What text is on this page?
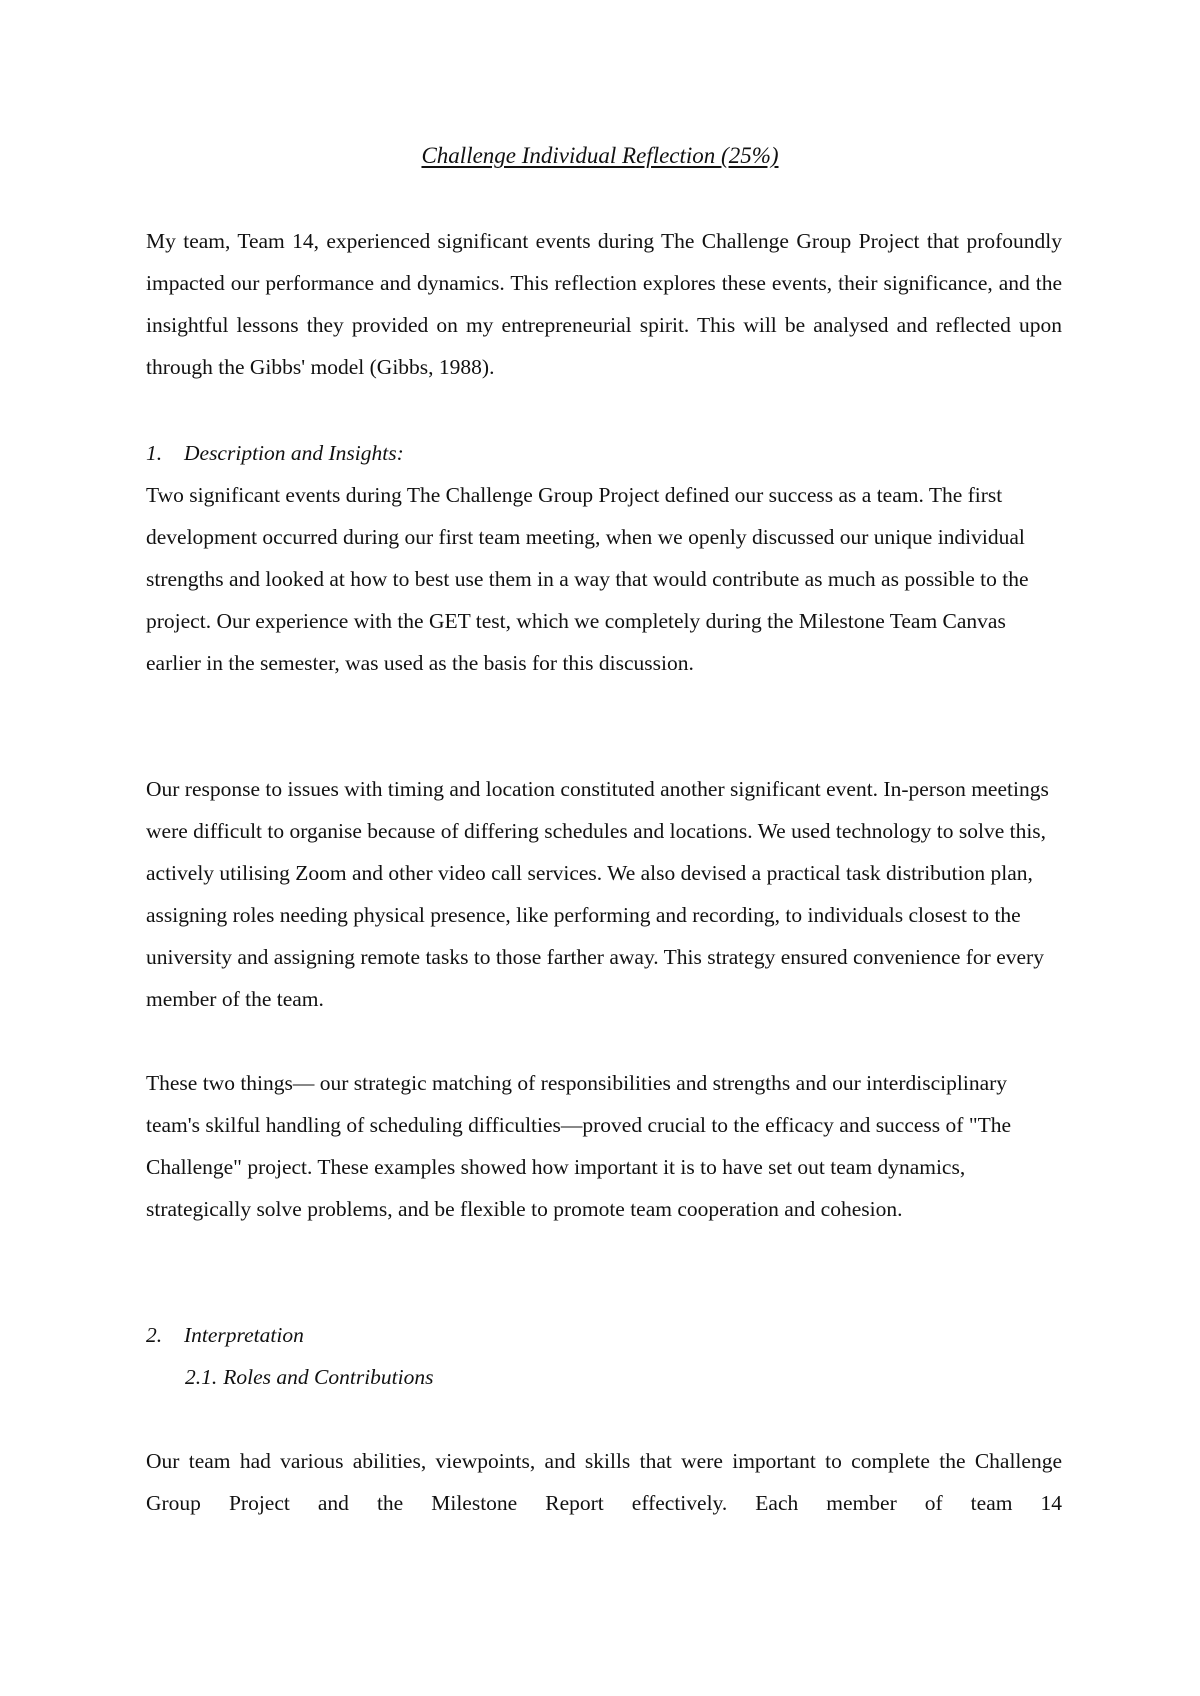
Challenge Individual Reflection (25%)

My team, Team 14, experienced significant events during The Challenge Group Project that profoundly impacted our performance and dynamics. This reflection explores these events, their significance, and the insightful lessons they provided on my entrepreneurial spirit. This will be analysed and reflected upon through the Gibbs' model (Gibbs, 1988).

1. Description and Insights:

Two significant events during The Challenge Group Project defined our success as a team. The first development occurred during our first team meeting, when we openly discussed our unique individual strengths and looked at how to best use them in a way that would contribute as much as possible to the project. Our experience with the GET test, which we completely during the Milestone Team Canvas earlier in the semester, was used as the basis for this discussion.

Our response to issues with timing and location constituted another significant event. In-person meetings were difficult to organise because of differing schedules and locations. We used technology to solve this, actively utilising Zoom and other video call services. We also devised a practical task distribution plan, assigning roles needing physical presence, like performing and recording, to individuals closest to the university and assigning remote tasks to those farther away. This strategy ensured convenience for every member of the team.

These two things— our strategic matching of responsibilities and strengths and our interdisciplinary team's skilful handling of scheduling difficulties—proved crucial to the efficacy and success of "The Challenge" project. These examples showed how important it is to have set out team dynamics, strategically solve problems, and be flexible to promote team cooperation and cohesion.

2. Interpretation

2.1. Roles and Contributions

Our team had various abilities, viewpoints, and skills that were important to complete the Challenge Group Project and the Milestone Report effectively. Each member of team 14
